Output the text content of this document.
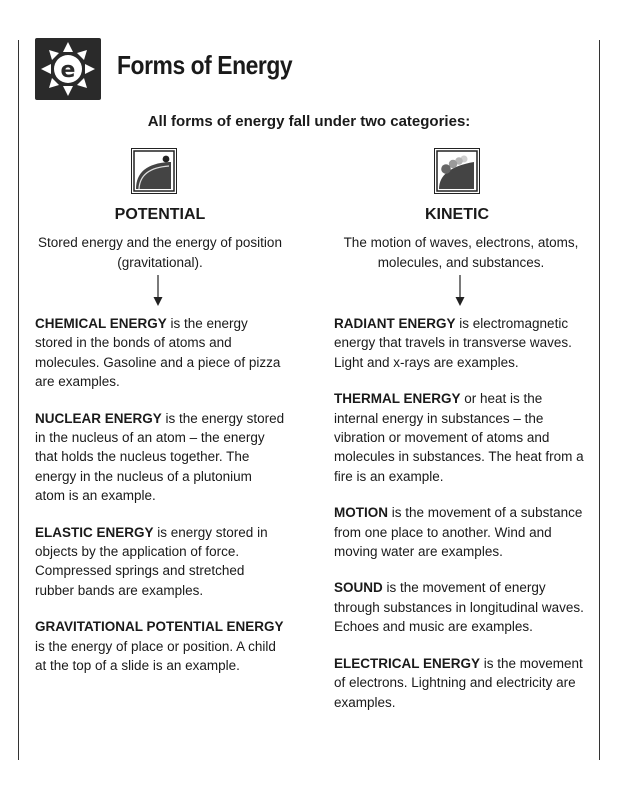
e Forms of Energy
All forms of energy fall under two categories:
POTENTIAL	KINETIC
Stored energy and the energy of position (gravitational).
The motion of waves, electrons, atoms, molecules, and substances.
CHEMICAL ENERGY is the energy stored in the bonds of atoms and molecules. Gasoline and a piece of pizza are examples.
NUCLEAR ENERGY is the energy stored in the nucleus of an atom – the energy that holds the nucleus together. The energy in the nucleus of a plutonium atom is an example.
ELASTIC ENERGY is energy stored in objects by the application of force. Compressed springs and stretched rubber bands are examples.
GRAVITATIONAL POTENTIAL ENERGY is the energy of place or position. A child at the top of a slide is an example.
RADIANT ENERGY is electromagnetic energy that travels in transverse waves. Light and x-rays are examples.
THERMAL ENERGY or heat is the internal energy in substances – the vibration or movement of atoms and molecules in substances. The heat from a fire is an example.
MOTION is the movement of a substance from one place to another. Wind and moving water are examples.
SOUND is the movement of energy through substances in longitudinal waves. Echoes and music are examples.
ELECTRICAL ENERGY is the movement of electrons. Lightning and electricity are examples.
